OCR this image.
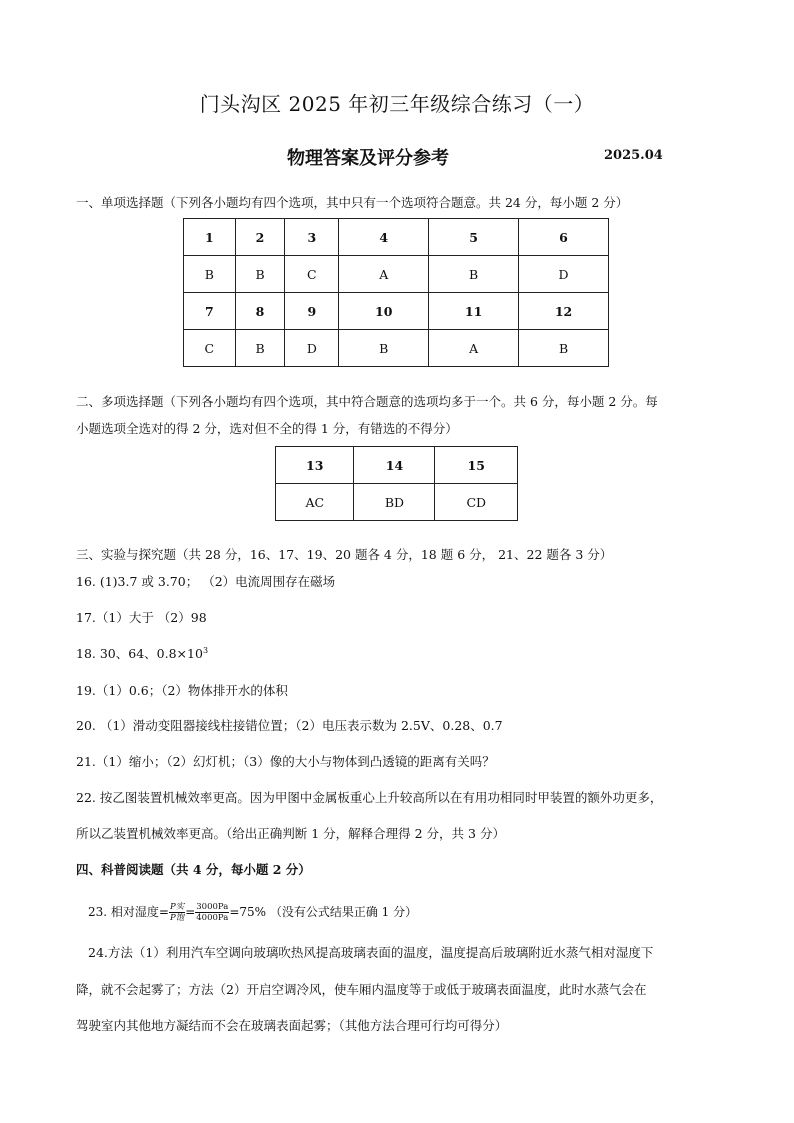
门头沟区 2025 年初三年级综合练习（一）
物理答案及评分参考	2025.04
一、单项选择题（下列各小题均有四个选项，其中只有一个选项符合题意。共 24 分，每小题 2 分）
1	2	3	4	5	6
B	B	C	A	B	D
7	8	9	10	11	12
C	B	D	B	A	B
二、多项选择题（下列各小题均有四个选项，其中符合题意的选项均多于一个。共 6 分，每小题 2 分。每
小题选项全选对的得 2 分，选对但不全的得 1 分，有错选的不得分）
13	14	15
AC	BD	CD
三、实验与探究题（共 28 分，16、17、19、20 题各 4 分，18 题 6 分， 21、22 题各 3 分）
16. (1)3.7 或 3.70； （2）电流周围存在磁场
17.（1）大于 （2）98
18. 30、64、$0.8\times 10^3$
19.（1）0.6；（2）物体排开水的体积
20. （1）滑动变阻器接线柱接错位置；（2）电压表示数为 2.5V、0.28、0.7
21.（1）缩小；（2）幻灯机；（3）像的大小与物体到凸透镜的距离有关吗？
22. 按乙图装置机械效率更高。因为甲图中金属板重心上升较高所以在有用功相同时甲装置的额外功更多，
所以乙装置机械效率更高。（给出正确判断 1 分，解释合理得 2 分，共 3 分）
四、科普阅读题（共 4 分，每小题 2 分）
23. 相对湿度= $\frac{\text{P实}}{\text{P饱}} = \frac{3000Pa}{4000Pa} =75\%$ （没有公式结果正确 1 分）
24.方法（1）利用汽车空调向玻璃吹热风提高玻璃表面的温度，温度提高后玻璃附近水蒸气相对湿度下
降，就不会起雾了；方法（2）开启空调冷风，使车厢内温度等于或低于玻璃表面温度，此时水蒸气会在
驾驶室内其他地方凝结而不会在玻璃表面起雾；（其他方法合理可行均可得分）
